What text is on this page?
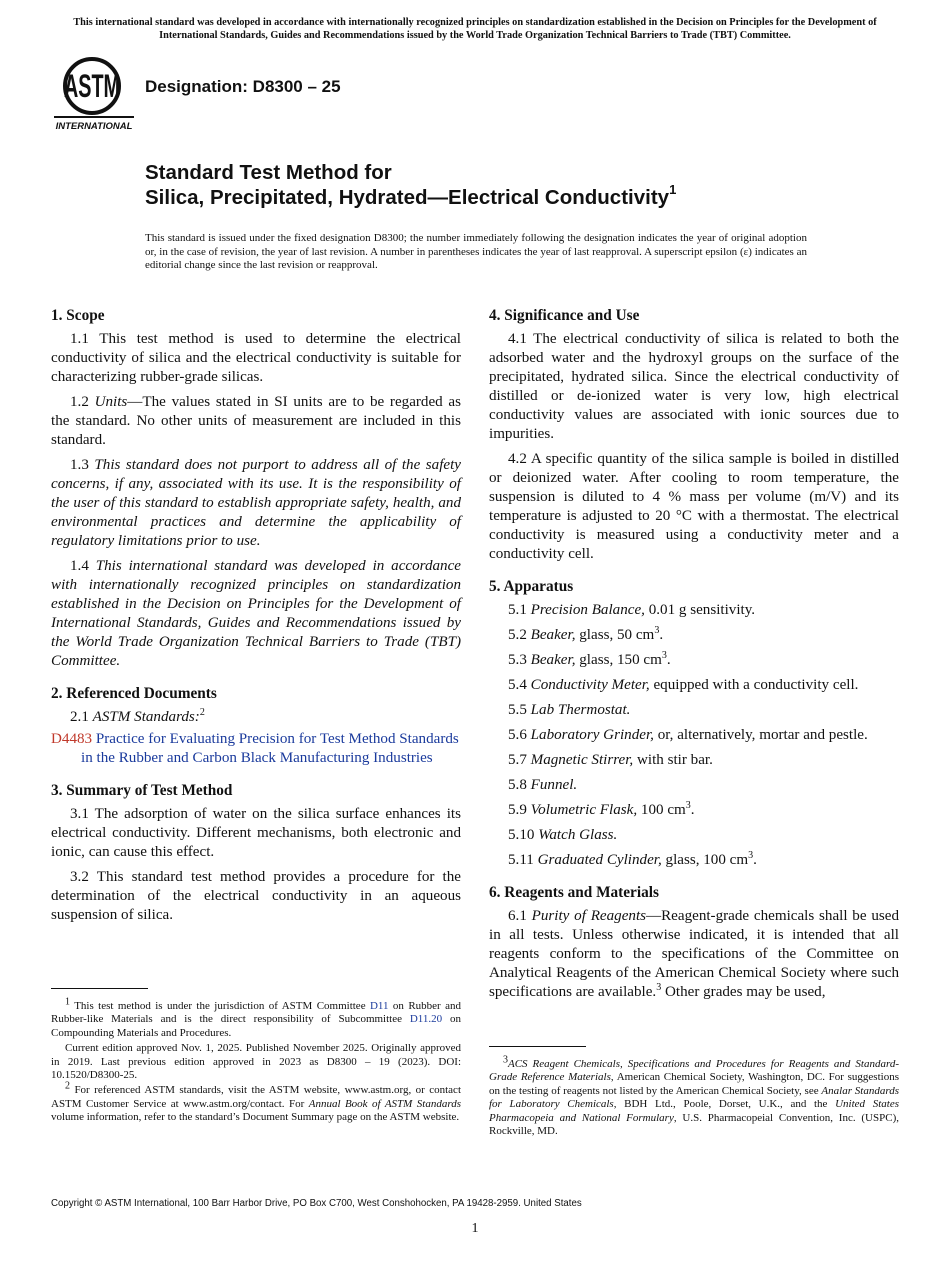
This international standard was developed in accordance with internationally recognized principles on standardization established in the Decision on Principles for the Development of International Standards, Guides and Recommendations issued by the World Trade Organization Technical Barriers to Trade (TBT) Committee.
ASTM
INTERNATIONAL
Designation: D8300 – 25
Standard Test Method for
Silica, Precipitated, Hydrated—Electrical Conductivity$^1$
This standard is issued under the fixed designation D8300; the number immediately following the designation indicates the year of original adoption or, in the case of revision, the year of last revision. A number in parentheses indicates the year of last reapproval. A superscript epsilon (ε) indicates an editorial change since the last revision or reapproval.
1. Scope

1.1 This test method is used to determine the electrical conductivity of silica and the electrical conductivity is suitable for characterizing rubber-grade silicas.

1.2 Units—The values stated in SI units are to be regarded as the standard. No other units of measurement are included in this standard.

1.3 This standard does not purport to address all of the safety concerns, if any, associated with its use. It is the responsibility of the user of this standard to establish appropriate safety, health, and environmental practices and determine the applicability of regulatory limitations prior to use.

1.4 This international standard was developed in accordance with internationally recognized principles on standardization established in the Decision on Principles for the Development of International Standards, Guides and Recommendations issued by the World Trade Organization Technical Barriers to Trade (TBT) Committee.

2. Referenced Documents

2.1 ASTM Standards:$^2$

D4483 Practice for Evaluating Precision for Test Method Standards in the Rubber and Carbon Black Manufacturing Industries
3. Summary of Test Method

3.1 The adsorption of water on the silica surface enhances its electrical conductivity. Different mechanisms, both electronic and ionic, can cause this effect.

3.2 This standard test method provides a procedure for the determination of the electrical conductivity in an aqueous suspension of silica.

4. Significance and Use

4.1 The electrical conductivity of silica is related to both the adsorbed water and the hydroxyl groups on the surface of the precipitated, hydrated silica. Since the electrical conductivity of distilled or de-ionized water is very low, high electrical conductivity values are associated with ionic sources due to impurities.

4.2 A specific quantity of the silica sample is boiled in distilled or deionized water. After cooling to room temperature, the suspension is diluted to 4 % mass per volume (m/V) and its temperature is adjusted to 20 °C with a thermostat. The electrical conductivity is measured using a conductivity meter and a conductivity cell.

5. Apparatus
5.1 Precision Balance, 0.01 g sensitivity.
5.2 Beaker, glass, 50 $cm^3$.
5.3 Beaker, glass, 150 $cm^3$.
5.4 Conductivity Meter, equipped with a conductivity cell.
5.5 Lab Thermostat.
5.6 Laboratory Grinder, or, alternatively, mortar and pestle.
5.7 Magnetic Stirrer, with stir bar.
5.8 Funnel.
5.9 Volumetric Flask, 100 $cm^3$.
5.10 Watch Glass.
5.11 Graduated Cylinder, glass, 100 $cm^3$.
6. Reagents and Materials

6.1 Purity of Reagents—Reagent-grade chemicals shall be used in all tests. Unless otherwise indicated, it is intended that all reagents conform to the specifications of the Committee on Analytical Reagents of the American Chemical Society where such specifications are available.$^3$ Other grades may be used,

$^1$ This test method is under the jurisdiction of ASTM Committee D11 on Rubber and Rubber-like Materials and is the direct responsibility of Subcommittee D11.20 on Compounding Materials and Procedures.

Current edition approved Nov. 1, 2025. Published November 2025. Originally approved in 2019. Last previous edition approved in 2023 as D8300 – 19 (2023). DOI: 10.1520/D8300-25.

$^2$ For referenced ASTM standards, visit the ASTM website, www.astm.org, or contact ASTM Customer Service at www.astm.org/contact. For Annual Book of ASTM Standards volume information, refer to the standard’s Document Summary page on the ASTM website.

$^3$ACS Reagent Chemicals, Specifications and Procedures for Reagents and Standard-Grade Reference Materials, American Chemical Society, Washington, DC. For suggestions on the testing of reagents not listed by the American Chemical Society, see Analar Standards for Laboratory Chemicals, BDH Ltd., Poole, Dorset, U.K., and the United States Pharmacopeia and National Formulary, U.S. Pharmacopeial Convention, Inc. (USPC), Rockville, MD.

Copyright © ASTM International, 100 Barr Harbor Drive, PO Box C700, West Conshohocken, PA 19428-2959. United States
1
